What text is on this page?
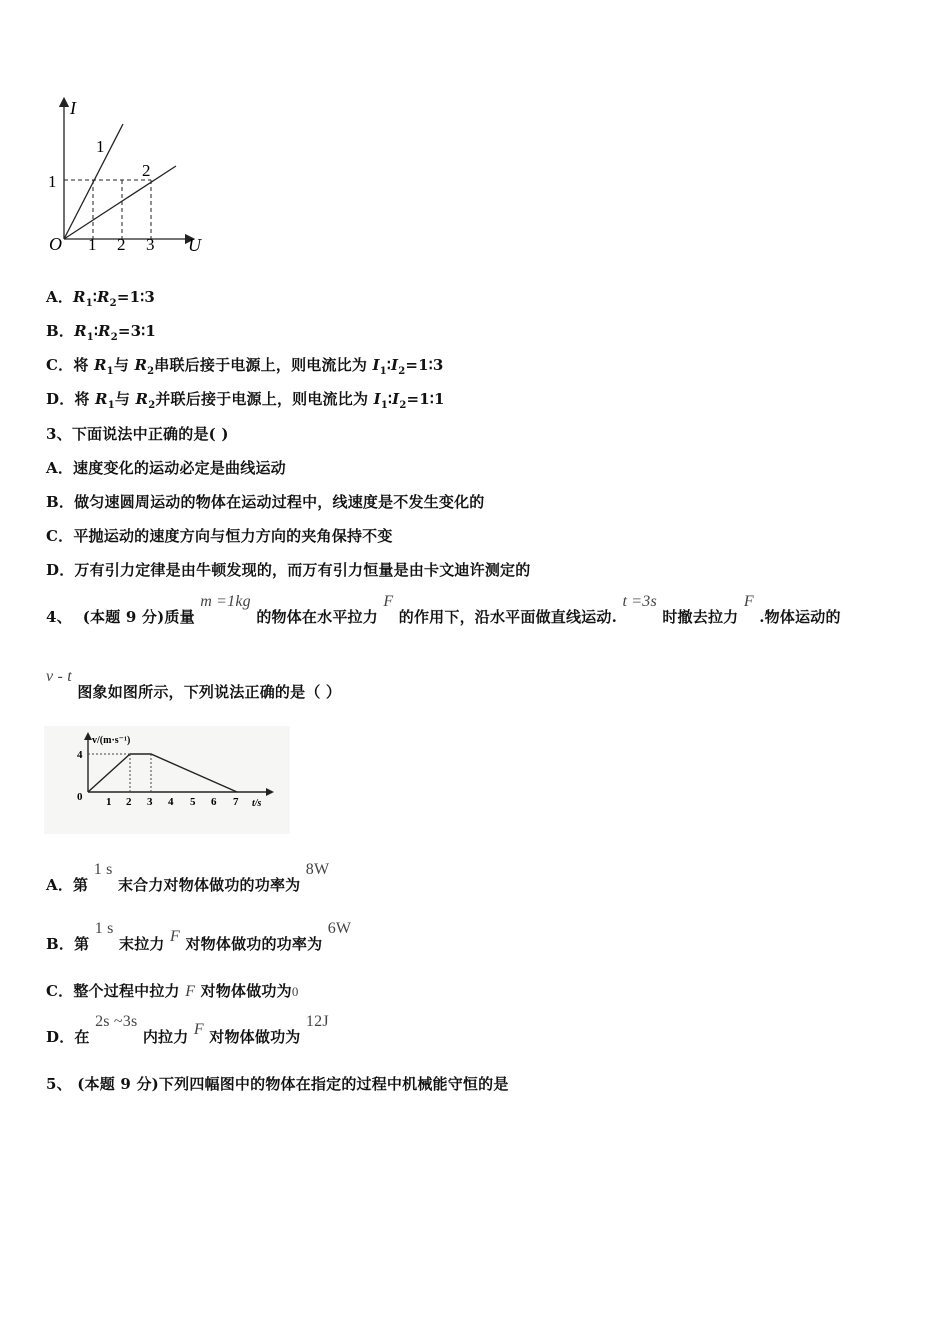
I
U
O 1 2 3
1
1
2
A．$R_1∶R_2=1∶3$
B．$R_1∶R_2=3∶1$
C．将 $R_1$与 $R_2$串联后接于电源上，则电流比为 $I_1∶I_2=1∶3$
D．将 $R_1$与 $R_2$并联后接于电源上，则电流比为 $I_1∶I_2=1∶1$
3、下面说法中正确的是( )
A．速度变化的运动必定是曲线运动
B．做匀速圆周运动的物体在运动过程中，线速度是不发生变化的
C．平抛运动的速度方向与恒力方向的夹角保持不变
D．万有引力定律是由牛顿发现的，而万有引力恒量是由卡文迪许测定的
4、 (本题 9 分)质量 m =1kg 的物体在水平拉力 F 的作用下，沿水平面做直线运动. t =3s 时撤去拉力 F .物体运动的
v - t 图象如图所示，下列说法正确的是（ ）
v/(m·s⁻¹)
t/s
4
0 1 2 3 4 5 6 7
A．第 1 s 末合力对物体做功的功率为 8W
B．第 1 s 末拉力 F 对物体做功的功率为 6W
C．整个过程中拉力 F 对物体做功为0
D．在 2s ~3s 内拉力 F 对物体做功为 12J
5、 (本题 9 分)下列四幅图中的物体在指定的过程中机械能守恒的是
